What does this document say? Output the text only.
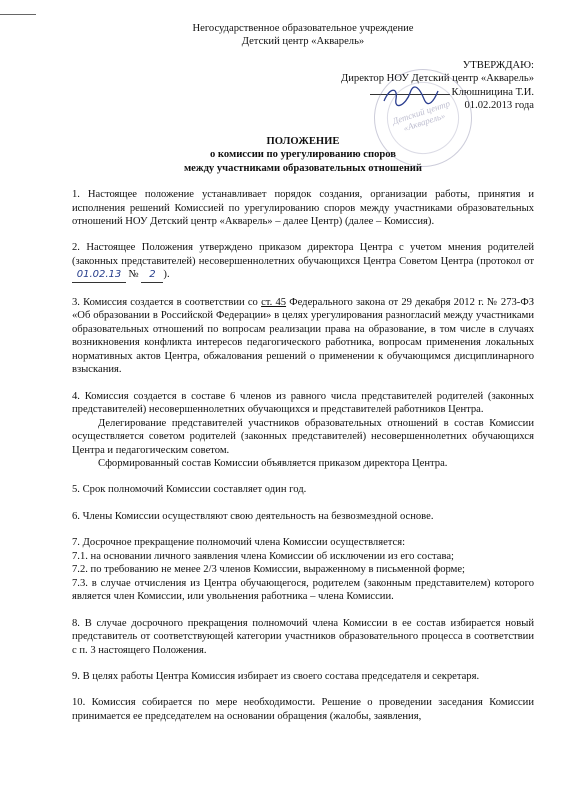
Негосударственное образовательное учреждение
Детский центр «Акварель»
Детский центр «Акварель»
УТВЕРЖДАЮ:
Директор НОУ Детский центр «Акварель»
Клюшницина Т.И.
01.02.2013 года
ПОЛОЖЕНИЕ
о комиссии по урегулированию споров
между участниками образовательных отношений

1. Настоящее положение устанавливает порядок создания, организации работы, принятия и исполнения решений Комиссией по урегулированию споров между участниками образовательных отношений НОУ Детский центр «Акварель» – далее Центр) (далее – Комиссия).

2. Настоящее Положения утверждено приказом директора Центра с учетом мнения родителей (законных представителей) несовершеннолетних обучающихся Центра Советом Центра (протокол от 01.02.13 № 2 ).

3. Комиссия создается в соответствии со ст. 45 Федерального закона от 29 декабря 2012 г. № 273-ФЗ «Об образовании в Российской Федерации» в целях урегулирования разногласий между участниками образовательных отношений по вопросам реализации права на образование, в том числе в случаях возникновения конфликта интересов педагогического работника, вопросам применения локальных нормативных актов Центра, обжалования решений о применении к обучающимся дисциплинарного взыскания.

4. Комиссия создается в составе 6 членов из равного числа представителей родителей (законных представителей) несовершеннолетних обучающихся и представителей работников Центра.

Делегирование представителей участников образовательных отношений в состав Комиссии осуществляется советом родителей (законных представителей) несовершеннолетних обучающихся Центра и педагогическим советом.

Сформированный состав Комиссии объявляется приказом директора Центра.

5. Срок полномочий Комиссии составляет один год.

6. Члены Комиссии осуществляют свою деятельность на безвозмездной основе.

7. Досрочное прекращение полномочий члена Комиссии осуществляется:

7.1. на основании личного заявления члена Комиссии об исключении из его состава;

7.2. по требованию не менее 2/3 членов Комиссии, выраженному в письменной форме;

7.3. в случае отчисления из Центра обучающегося, родителем (законным представителем) которого является член Комиссии, или увольнения работника – члена Комиссии.

8. В случае досрочного прекращения полномочий члена Комиссии в ее состав избирается новый представитель от соответствующей категории участников образовательного процесса в соответствии с п. 3 настоящего Положения.

9. В целях работы Центра Комиссия избирает из своего состава председателя и секретаря.

10. Комиссия собирается по мере необходимости. Решение о проведении заседания Комиссии принимается ее председателем на основании обращения (жалобы, заявления,
